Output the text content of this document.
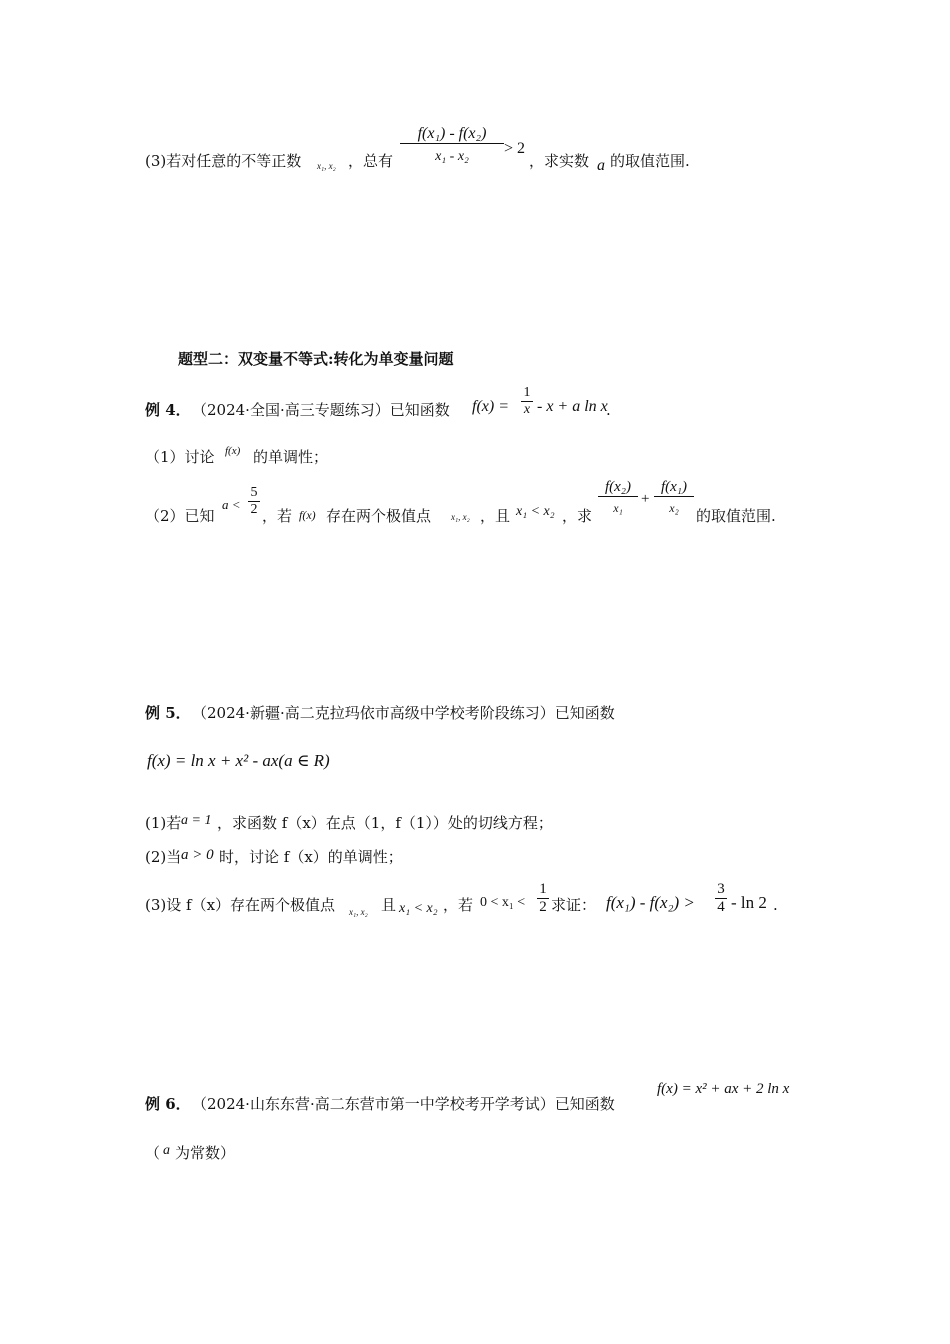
(3)若对任意的不等正数 x₁, x₂ ，总有
f(x₁) - f(x₂)
x₁ - x₂	> 2
，求实数 a 的取值范围.
题型二：双变量不等式:转化为单变量问题
例 4． （2024·全国·高三专题练习）已知函数 f(x) =
1
x - x + a ln x
.
（1）讨论 f(x) 的单调性；
（2）已知
a <
5
2 ，若 f(x) 存在两个极值点 x₁, x₂ ，且 x₁ < x₂ ，求
f(x₂)
x₁
+
f(x₁)
x₂	的取值范围.
例 5． （2024·新疆·高二克拉玛依市高级中学校考阶段练习）已知函数
f(x) = ln x + x² - ax(a ∈ R)
(1)若 a = 1 ，求函数 f（x）在点（1，f（1））处的切线方程；
(2)当 a > 0 时，讨论 f（x）的单调性；
(3)设 f（x）存在两个极值点 x₁, x₂ 且 x₁ < x₂ ，若 0 < x₁ <
1
2 求证： f(x₁) - f(x₂) >
3
4 - ln 2 .
例 6． （2024·山东东营·高二东营市第一中学校考开学考试）已知函数
f(x) = x² + ax + 2 ln x
（ a 为常数）
